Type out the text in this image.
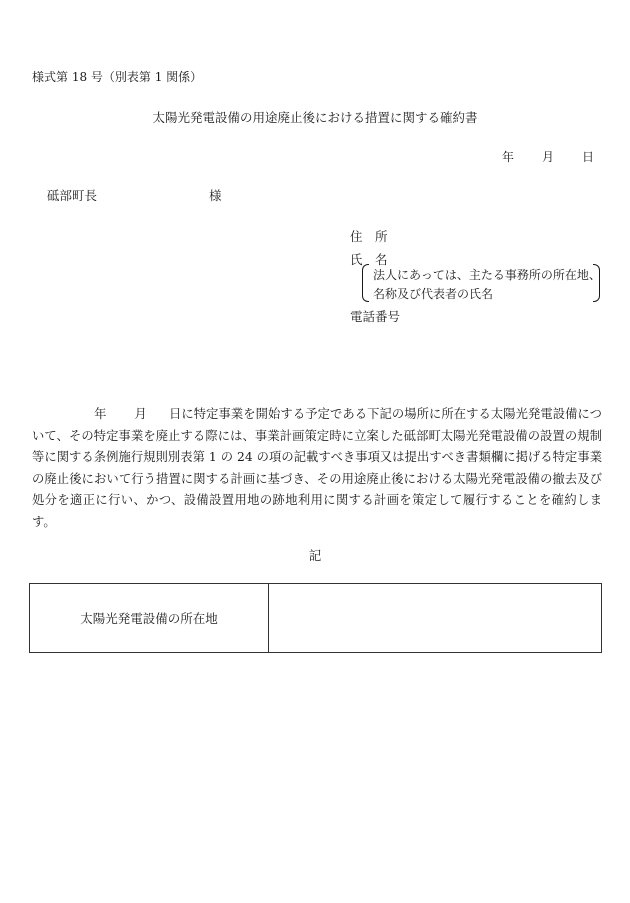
様式第 18 号（別表第 1 関係）
太陽光発電設備の用途廃止後における措置に関する確約書
年 月 日
砥部町長	様
住　所
氏　名
法人にあっては、主たる事務所の所在地、
名称及び代表者の氏名
電話番号
年 月 日に特定事業を開始する予定である下記の場所に所在する太陽光発電設備について、その特定事業を廃止する際には、事業計画策定時に立案した砥部町太陽光発電設備の設置の規制等に関する条例施行規則別表第 1 の 24 の項の記載すべき事項又は提出すべき書類欄に掲げる特定事業の廃止後において行う措置に関する計画に基づき、その用途廃止後における太陽光発電設備の撤去及び処分を適正に行い、かつ、設備設置用地の跡地利用に関する計画を策定して履行することを確約します。
記
太陽光発電設備の所在地
